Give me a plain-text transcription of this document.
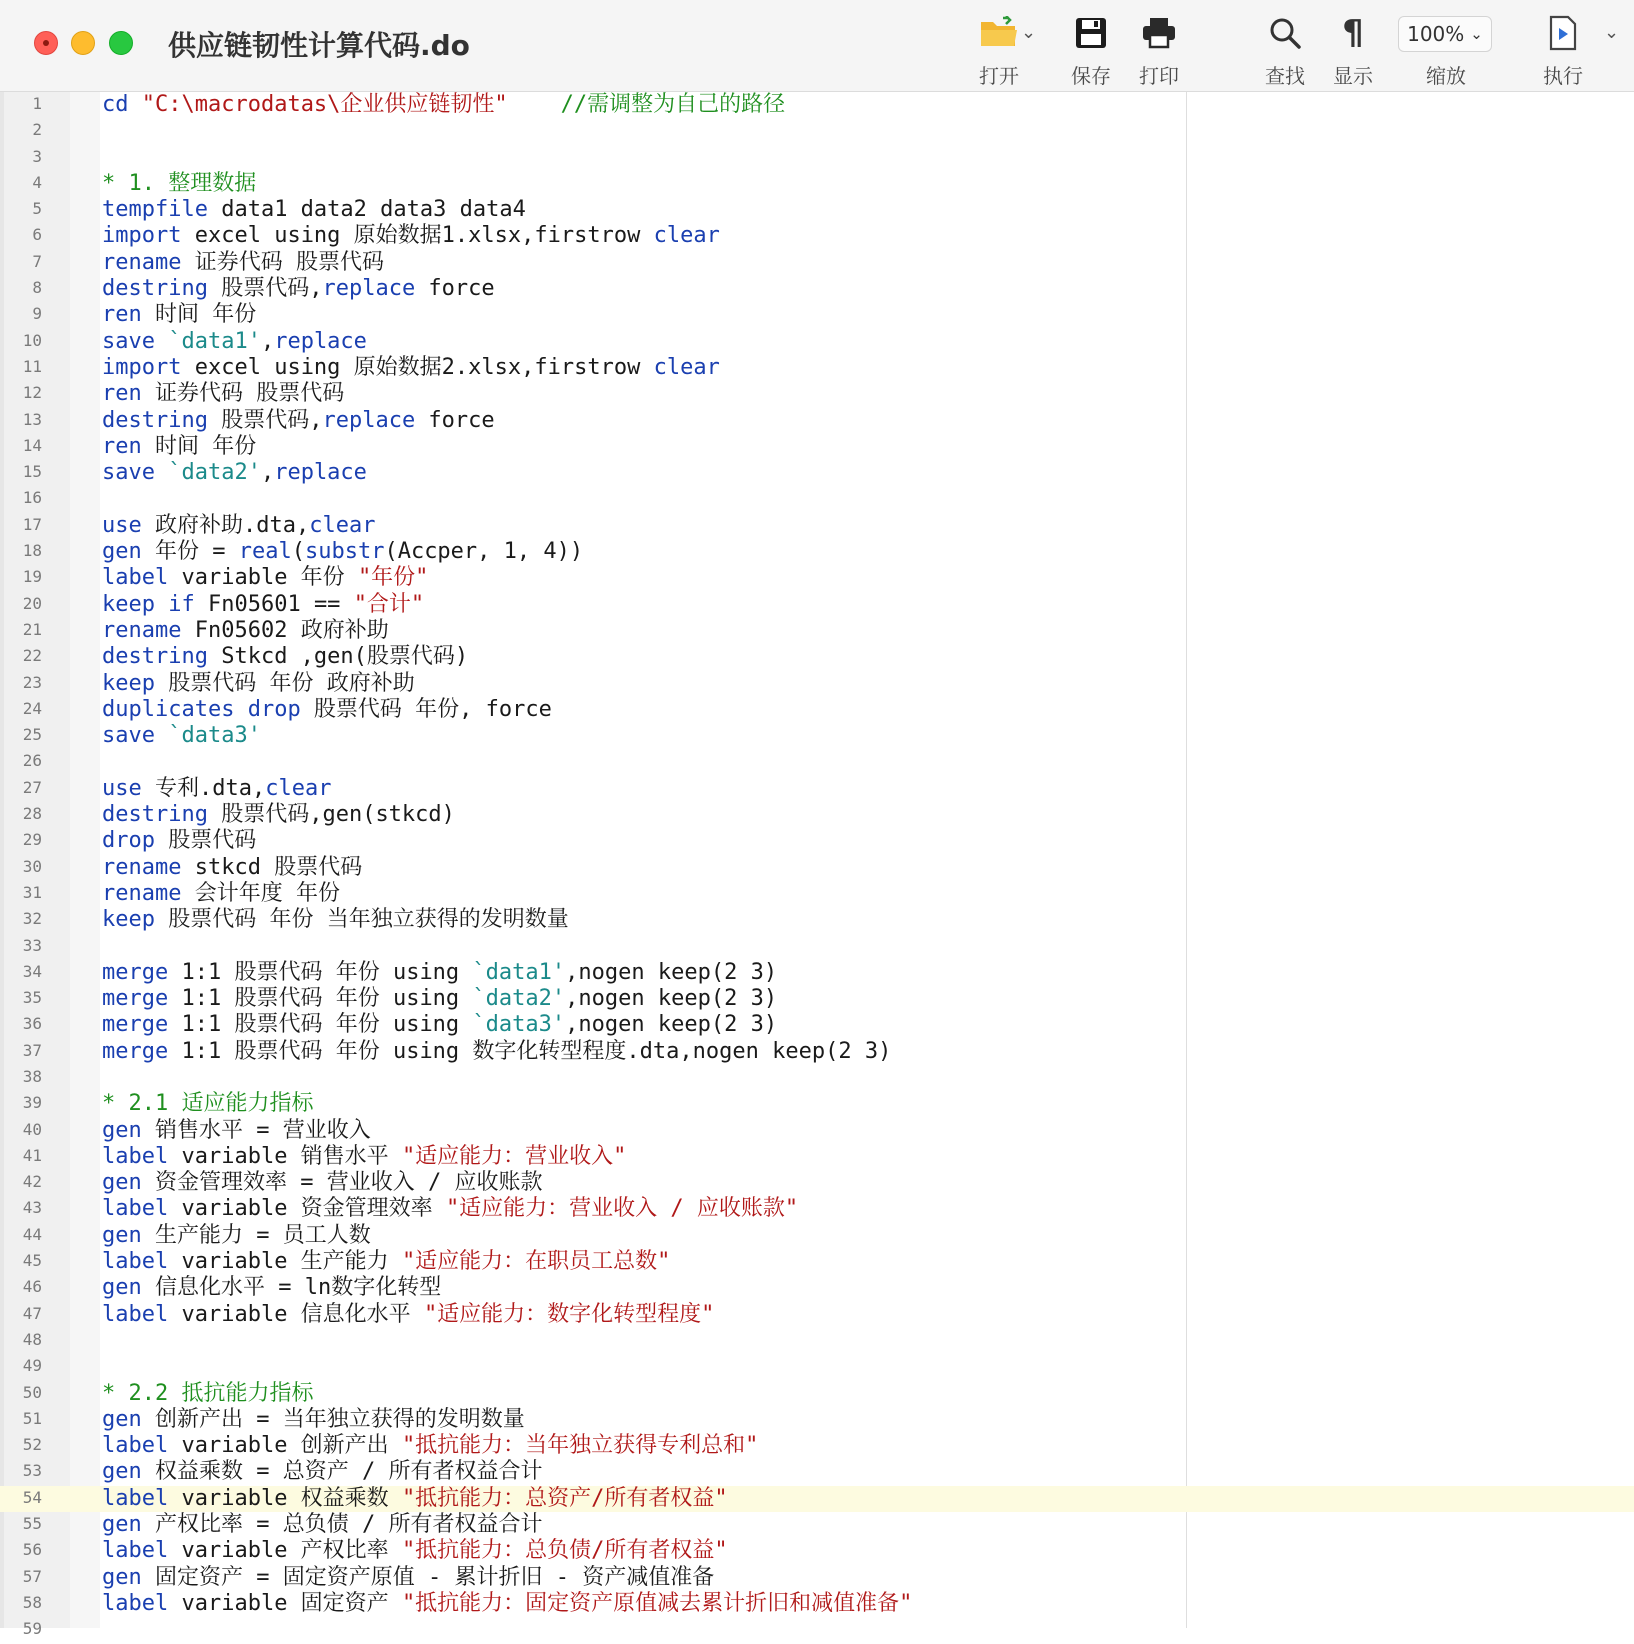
供应链韧性计算代码.do
打开
⌄
保存	打印	查找
¶
显示
100% ⌄
缩放	执行
⌄
1	cd "C:\macrodatas\企业供应链韧性" //需调整为自己的路径
2
3
4	* 1. 整理数据
5	tempfile data1 data2 data3 data4
6	import excel using 原始数据1.xlsx,firstrow clear
7	rename 证券代码 股票代码
8	destring 股票代码,replace force
9	ren 时间 年份
10	save `data1',replace
11	import excel using 原始数据2.xlsx,firstrow clear
12	ren 证券代码 股票代码
13	destring 股票代码,replace force
14	ren 时间 年份
15	save `data2',replace
16
17	use 政府补助.dta,clear
18	gen 年份 = real(substr(Accper, 1, 4))
19	label variable 年份 "年份"
20	keep if Fn05601 == "合计"
21	rename Fn05602 政府补助
22	destring Stkcd ,gen(股票代码)
23	keep 股票代码 年份 政府补助
24	duplicates drop 股票代码 年份, force
25	save `data3'
26
27	use 专利.dta,clear
28	destring 股票代码,gen(stkcd)
29	drop 股票代码
30	rename stkcd 股票代码
31	rename 会计年度 年份
32	keep 股票代码 年份 当年独立获得的发明数量
33
34	merge 1:1 股票代码 年份 using `data1',nogen keep(2 3)
35	merge 1:1 股票代码 年份 using `data2',nogen keep(2 3)
36	merge 1:1 股票代码 年份 using `data3',nogen keep(2 3)
37	merge 1:1 股票代码 年份 using 数字化转型程度.dta,nogen keep(2 3)
38
39	* 2.1 适应能力指标
40	gen 销售水平 = 营业收入
41	label variable 销售水平 "适应能力：营业收入"
42	gen 资金管理效率 = 营业收入 / 应收账款
43	label variable 资金管理效率 "适应能力：营业收入 / 应收账款"
44	gen 生产能力 = 员工人数
45	label variable 生产能力 "适应能力：在职员工总数"
46	gen 信息化水平 = ln数字化转型
47	label variable 信息化水平 "适应能力：数字化转型程度"
48
49
50	* 2.2 抵抗能力指标
51	gen 创新产出 = 当年独立获得的发明数量
52	label variable 创新产出 "抵抗能力：当年独立获得专利总和"
53	gen 权益乘数 = 总资产 / 所有者权益合计
54	label variable 权益乘数 "抵抗能力：总资产/所有者权益"
55	gen 产权比率 = 总负债 / 所有者权益合计
56	label variable 产权比率 "抵抗能力：总负债/所有者权益"
57	gen 固定资产 = 固定资产原值 - 累计折旧 - 资产减值准备
58	label variable 固定资产 "抵抗能力：固定资产原值减去累计折旧和减值准备"
59
